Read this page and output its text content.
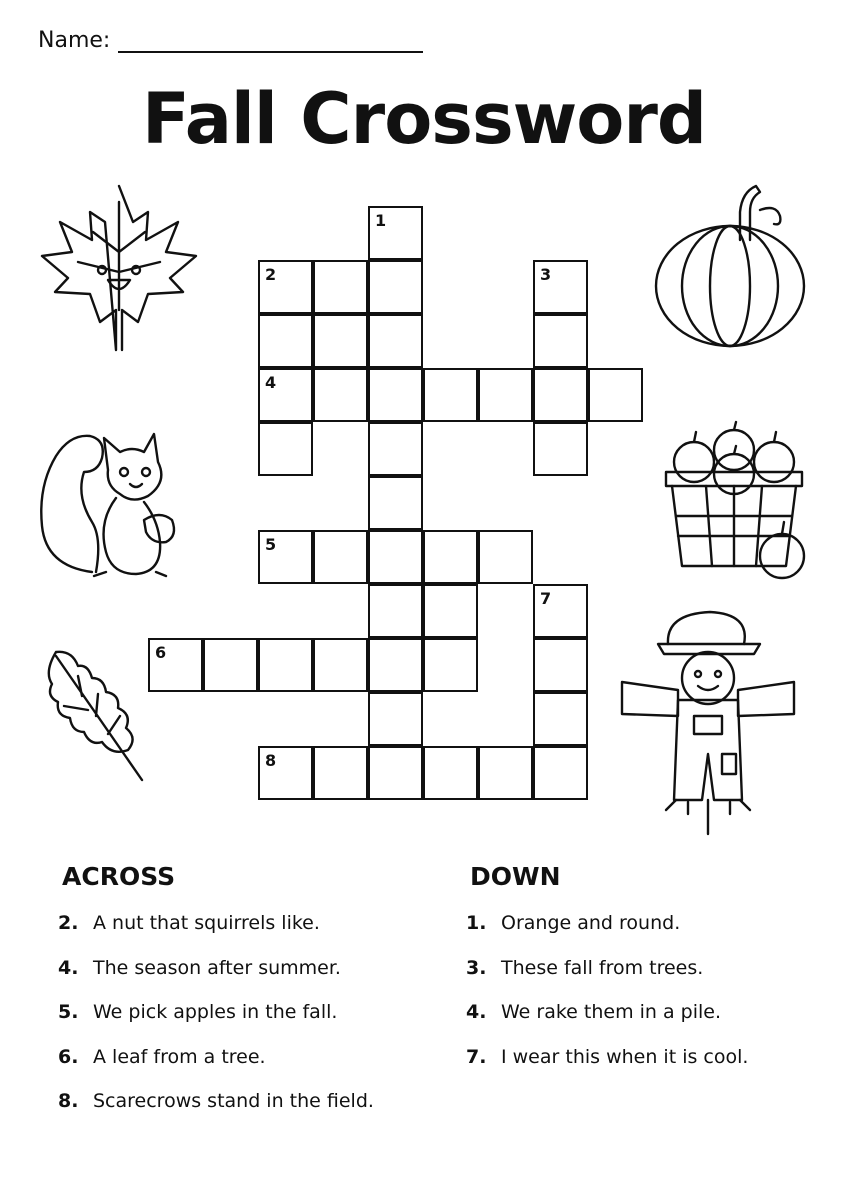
Name:
Fall Crossword
1
2	3
4
5
7
6
8
ACROSS
2. A nut that squirrels like.
4. The season after summer.
5. We pick apples in the fall.
6. A leaf from a tree.
8. Scarecrows stand in the field.
DOWN
1. Orange and round.
3. These fall from trees.
4. We rake them in a pile.
7. I wear this when it is cool.
